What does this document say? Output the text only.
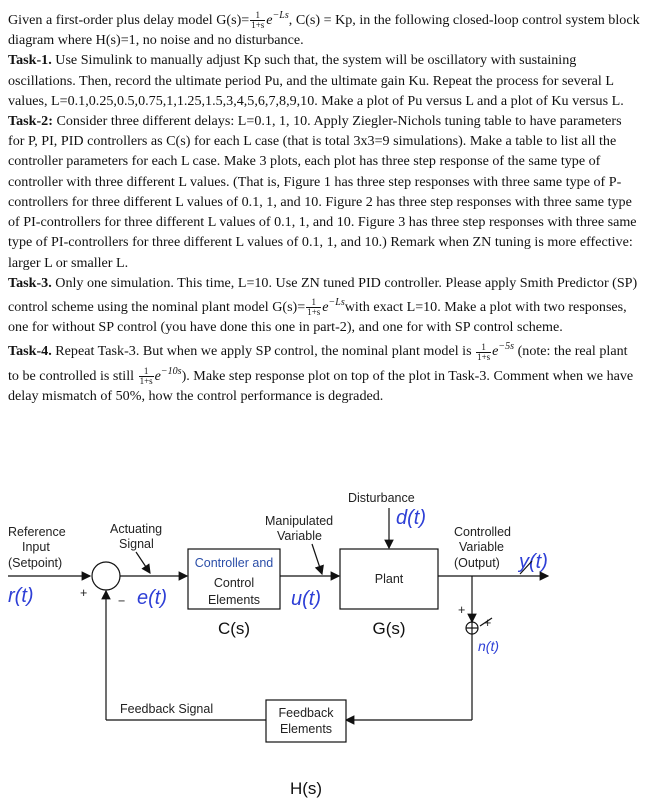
Given a first-order plus delay model $G(s)= \frac{1}{1+s} e^{-Ls}$, C(s) = Kp, in the following closed-loop control system block diagram where H(s)=1, no noise and no disturbance.

Task-1. Use Simulink to manually adjust Kp such that, the system will be oscillatory with sustaining oscillations. Then, record the ultimate period Pu, and the ultimate gain Ku. Repeat the process for several L values, L=0.1,0.25,0.5,0.75,1,1.25,1.5,3,4,5,6,7,8,9,10. Make a plot of Pu versus L and a plot of Ku versus L.

Task-2: Consider three different delays: L=0.1, 1, 10. Apply Ziegler-Nichols tuning table to have parameters for P, PI, PID controllers as C(s) for each L case (that is total 3x3=9 simulations). Make a table to list all the controller parameters for each L case. Make 3 plots, each plot has three step response of the same type of controller with three different L values. (That is, Figure 1 has three step responses with three same type of P-controllers for three different L values of 0.1, 1, and 10. Figure 2 has three step responses with three same type of PI-controllers for three different L values of 0.1, 1, and 10. Figure 3 has three step responses with three same type of PI-controllers for three different L values of 0.1, 1, and 10.) Remark when ZN tuning is more effective: larger L or smaller L.

Task-3. Only one simulation. This time, L=10. Use ZN tuned PID controller. Please apply Smith Predictor (SP) control scheme using the nominal plant model $G(s)= \frac{1}{1+s}$ $e^{-Ls}with$ exact L=10. Make a plot with two responses, one for without SP control (you have done this one in part-2), and one for with SP control scheme.

Task-4. Repeat Task-3. But when we apply SP control, the nominal plant model is $\frac{1}{1+s} e^{-5s}$ (note: the real plant to be controlled is still $\frac{1}{1+s} e^{-10s}$). Make step response plot on top of the plot in Task-3. Comment when we have delay mismatch of 50%, how the control performance is degraded.

Disturbance
d(t)
Manipulated
Variable
Reference
Input
(Setpoint)
Actuating
Signal
Controlled
Variable
(Output) y(t)
r(t)	+
− e(t)
Controller and
Control
Elements
C(s)
u(t)
Plant
G(s)
+
+
n(t)
Feedback
Elements
Feedback Signal
H(s)
